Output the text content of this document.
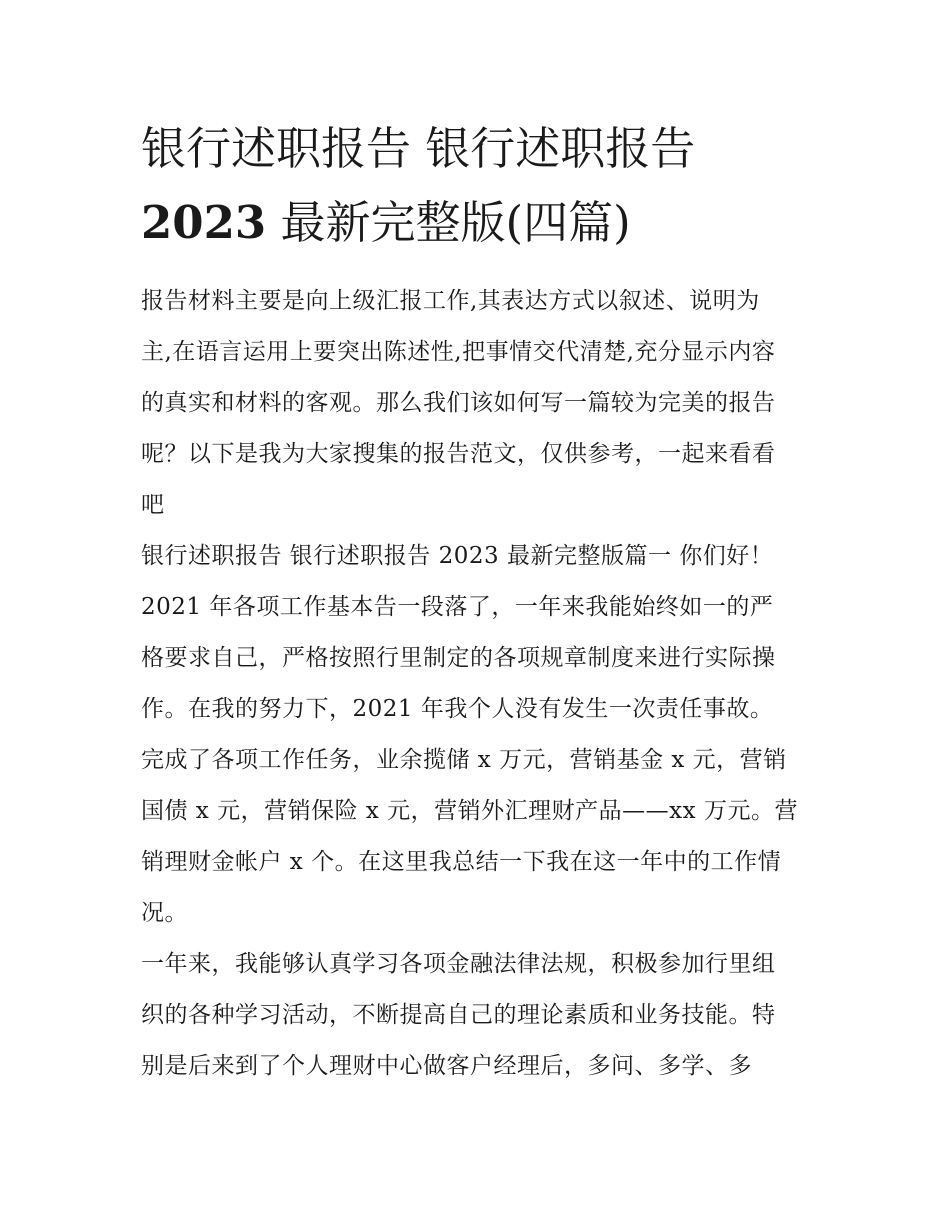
银行述职报告 银行述职报告
2023 最新完整版(四篇)
报告材料主要是向上级汇报工作,其表达方式以叙述、说明为
主,在语言运用上要突出陈述性,把事情交代清楚,充分显示内容
的真实和材料的客观。那么我们该如何写一篇较为完美的报告
呢？以下是我为大家搜集的报告范文，仅供参考，一起来看看
吧
银行述职报告 银行述职报告 2023 最新完整版篇一 你们好！
2021 年各项工作基本告一段落了，一年来我能始终如一的严
格要求自己，严格按照行里制定的各项规章制度来进行实际操
作。在我的努力下，2021 年我个人没有发生一次责任事故。
完成了各项工作任务，业余揽储 x 万元，营销基金 x 元，营销
国债 x 元，营销保险 x 元，营销外汇理财产品——xx 万元。营
销理财金帐户 x 个。在这里我总结一下我在这一年中的工作情
况。
一年来，我能够认真学习各项金融法律法规，积极参加行里组
织的各种学习活动，不断提高自己的理论素质和业务技能。特
别是后来到了个人理财中心做客户经理后，多问、多学、多
